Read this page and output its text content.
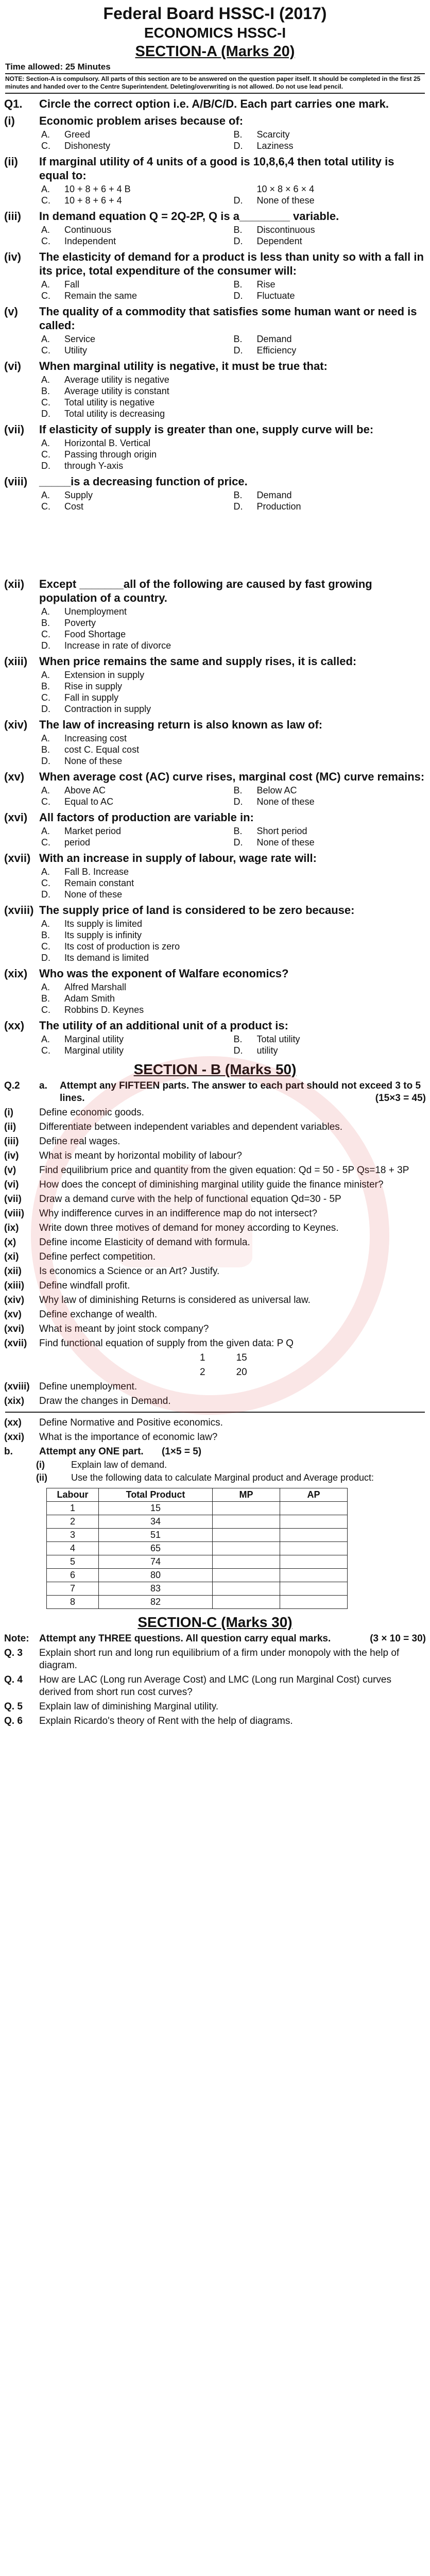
Federal Board HSSC-I (2017)
ECONOMICS HSSC-I
SECTION-A (Marks 20)
Time allowed: 25 Minutes
NOTE: Section-A is compulsory. All parts of this section are to be answered on the question paper itself. It should be completed in the first 25 minutes and handed over to the Centre Superintendent. Deleting/overwriting is not allowed. Do not use lead pencil.
Q1.	Circle the correct option i.e. A/B/C/D. Each part carries one mark.
(i)	Economic problem arises because of:
A.	Greed	B.	Scarcity
C.	Dishonesty	D.	Laziness
(ii)	If marginal utility of 4 units of a good is 10,8,6,4 then total utility is equal to:
A.	10 + 8 + 6 + 4 B	10 × 8 × 6 × 4
C.	10 + 8 + 6 + 4	D.	None of these
(iii)	In demand equation Q = 2Q-2P, Q is a________ variable.
A.	Continuous	B.	Discontinuous
C.	Independent	D.	Dependent
(iv)	The elasticity of demand for a product is less than unity so with a fall in its price, total expenditure of the consumer will:
A.	Fall	B.	Rise
C.	Remain the same	D.	Fluctuate
(v)	The quality of a commodity that satisfies some human want or need is called:
A.	Service	B.	Demand
C.	Utility	D.	Efficiency
(vi)	When marginal utility is negative, it must be true that:
A.	Average utility is negative
B.	Average utility is constant
C.	Total utility is negative
D.	Total utility is decreasing
(vii)	If elasticity of supply is greater than one, supply curve will be:
A.	Horizontal B. Vertical
C.	Passing through origin
D.	through Y-axis
(viii)	_____is a decreasing function of price.
A.	Supply	B.	Demand
C.	Cost	D.	Production
(xii)	Except _______all of the following are caused by fast growing population of a country.
A.	Unemployment
B.	Poverty
C.	Food Shortage
D.	Increase in rate of divorce
(xiii)	When price remains the same and supply rises, it is called:
A.	Extension in supply
B.	Rise in supply
C.	Fall in supply
D.	Contraction in supply
(xiv)	The law of increasing return is also known as law of:
A.	Increasing cost
B.	cost C. Equal cost
D.	None of these
(xv)	When average cost (AC) curve rises, marginal cost (MC) curve remains:
A.	Above AC	B.	Below AC
C.	Equal to AC	D.	None of these
(xvi)	All factors of production are variable in:
A.	Market period	B.	Short period
C.	period	D.	None of these
(xvii) With an increase in supply of labour, wage rate will:
A.	Fall B. Increase
C.	Remain constant
D.	None of these
(xviii) The supply price of land is considered to be zero because:
A.	Its supply is limited
B.	Its supply is infinity
C.	Its cost of production is zero
D.	Its demand is limited
(xix)	Who was the exponent of Walfare economics?
A.	Alfred Marshall
B.	Adam Smith
C.	Robbins D. Keynes
(xx)	The utility of an additional unit of a product is:
A.	Marginal utility	B.	Total utility
C.	Marginal utility	D.	utility
SECTION - B (Marks 50)
Q.2	a.	Attempt any FIFTEEN parts. The answer to each part should not exceed 3 to 5 lines.	(15×3 = 45)
(i)	Define economic goods.
(ii)	Differentiate between independent variables and dependent variables.
(iii)	Define real wages.
(iv)	What is meant by horizontal mobility of labour?
(v)	Find equilibrium price and quantity from the given equation: Qd = 50 - 5P Qs=18 + 3P
(vi)	How does the concept of diminishing marginal utility guide the finance minister?
(vii)	Draw a demand curve with the help of functional equation Qd=30 - 5P
(viii)	Why indifference curves in an indifference map do not intersect?
(ix)	Write down three motives of demand for money according to Keynes.
(x)	Define income Elasticity of demand with formula.
(xi)	Define perfect competition.
(xii)	Is economics a Science or an Art? Justify.
(xiii)	Define windfall profit.
(xiv)	Why law of diminishing Returns is considered as universal law.
(xv)	Define exchange of wealth.
(xvi)	What is meant by joint stock company?
(xvii)	Find functional equation of supply from the given data: P Q
1	15
2	20
(xviii) Define unemployment.
(xix)	Draw the changes in Demand.
(xx)	Define Normative and Positive economics.
(xxi)	What is the importance of economic law?
b.	Attempt any ONE part. (1×5 = 5)
(i)	Explain law of demand.
(ii)	Use the following data to calculate Marginal product and Average product:
Labour	Total Product	MP	AP
1	15		
2	34		
3	51		
4	65		
5	74		
6	80		
7	83		
8	82		
SECTION-C (Marks 30)
Note:	Attempt any THREE questions. All question carry equal marks.	(3 × 10 = 30)
Q. 3	Explain short run and long run equilibrium of a firm under monopoly with the help of diagram.
Q. 4	How are LAC (Long run Average Cost) and LMC (Long run Marginal Cost) curves derived from short run cost curves?
Q. 5	Explain law of diminishing Marginal utility.
Q. 6	Explain Ricardo's theory of Rent with the help of diagrams.
